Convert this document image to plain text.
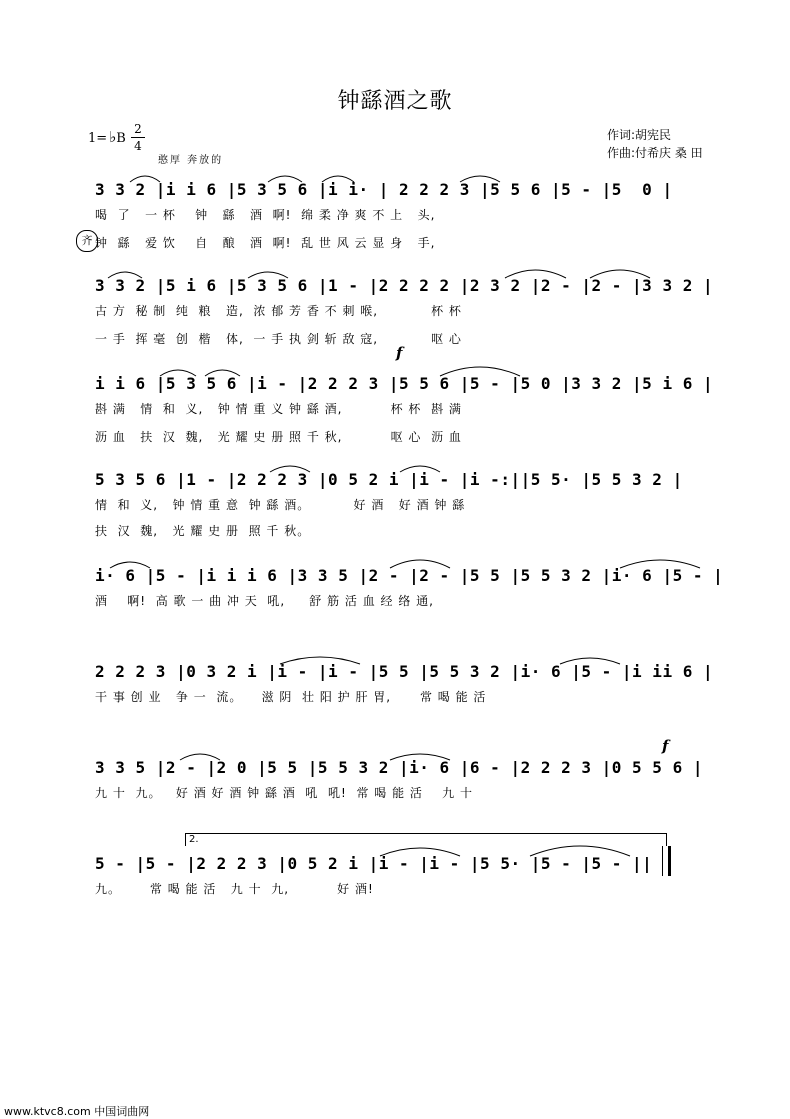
钟繇酒之歌
1= ♭B
2
4
憨厚 奔放的
作词:胡宪民
作曲:付希庆 桑 田
3 3 2 |i i 6 |5 3 5 6 |i i· | 2 2 2 3 |5 5 6 |5 - |5  0 |
喝  了   一 杯    钟   繇   酒  啊!  绵 柔 净 爽 不 上   头,
齐 钟  繇   爱 饮    自   酿   酒  啊!  乱 世 风 云 显 身   手,
3 3 2 |5 i 6 |5 3 5 6 |1 - |2 2 2 2 |2 3 2 |2 - |2 - |3 3 2 |
古 方  秘 制  纯  粮   造,  浓 郁 芳 香 不 刺 喉,           杯 杯
一 手  挥 毫  创  楷   体,  一 手 执 剑 斩 敌 寇,           呕 心
f
i i 6 |5 3 5 6 |i - |2 2 2 3 |5 5 6 |5 - |5 0 |3 3 2 |5 i 6 |
斟 满   情  和  义,   钟 情 重 义 钟 繇 酒,          杯 杯  斟 满
沥 血   扶  汉  魏,   光 耀 史 册 照 千 秋,          呕 心  沥 血
5 3 5 6 |1 - |2 2 2 3 |0 5 2 i |i - |i -:||5 5· |5 5 3 2 |
情  和  义,   钟 情 重 意  钟 繇 酒。         好 酒   好 酒 钟 繇
扶  汉  魏,   光 耀 史 册  照 千 秋。
i· 6 |5 - |i i i 6 |3 3 5 |2 - |2 - |5 5 |5 5 3 2 |i· 6 |5 - |
酒    啊!  高 歌 一 曲 冲 天  吼,     舒 筋 活 血 经 络 通,
2 2 2 3 |0 3 2 i |i - |i - |5 5 |5 5 3 2 |i· 6 |5 - |i ii 6 |
干 事 创 业   争 一  流。    滋 阴  壮 阳 护 肝 胃,      常 喝 能 活
f
3 3 5 |2 - |2 0 |5 5 |5 5 3 2 |i· 6 |6 - |2 2 2 3 |0 5 5 6 |
九 十  九。   好 酒 好 酒 钟 繇 酒  吼  吼!  常 喝 能 活    九 十
2.
5 - |5 - |2 2 2 3 |0 5 2 i |i - |i - |5 5· |5 - |5 - ||
九。      常 喝 能 活   九 十  九,          好 酒!
www.ktvc8.com 中国词曲网
